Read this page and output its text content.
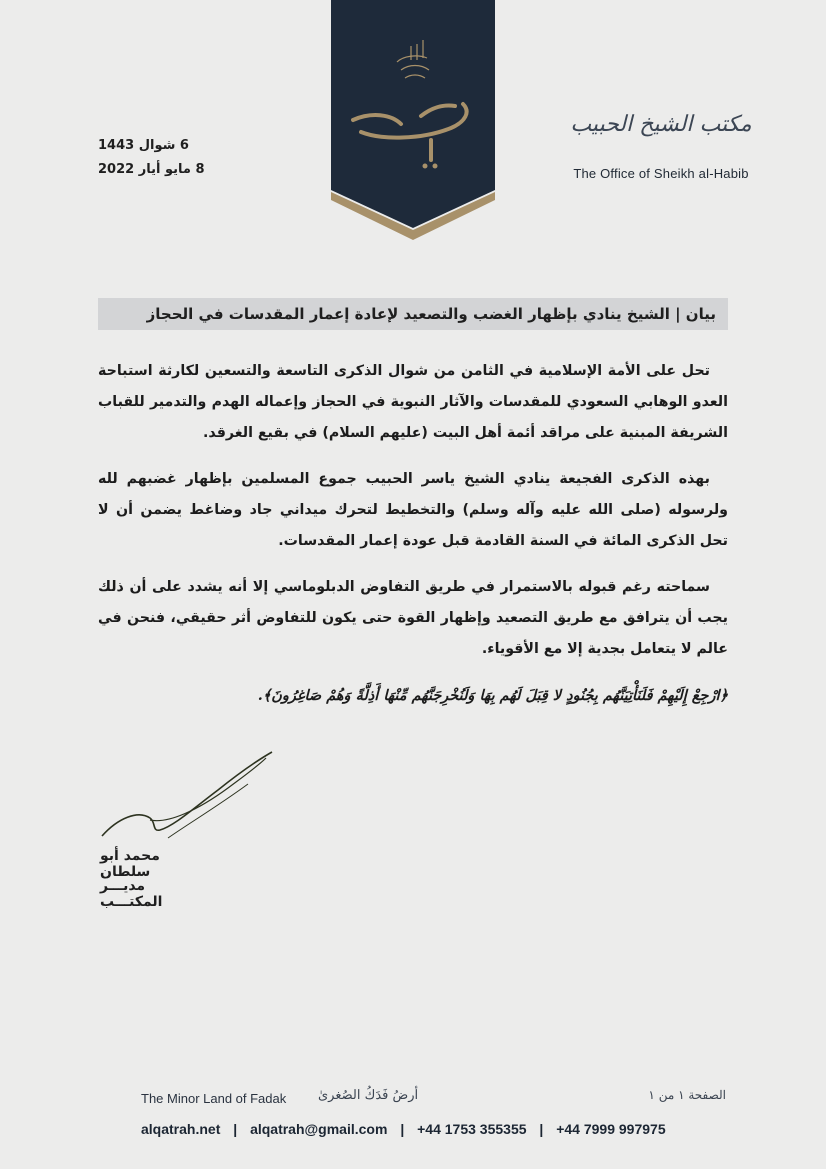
6 شوال 1443
8 مايو أيار 2022
مكتب الشيخ الحبيب
The Office of Sheikh al-Habib
بيان | الشيخ ينادي بإظهار الغضب والتصعيد لإعادة إعمار المقدسات في الحجاز

تحل على الأمة الإسلامية في الثامن من شوال الذكرى التاسعة والتسعين لكارثة استباحة العدو الوهابي السعودي للمقدسات والآثار النبوية في الحجاز وإعماله الهدم والتدمير للقباب الشريفة المبنية على مراقد أئمة أهل البيت (عليهم السلام) في بقيع الغرقد.

بهذه الذكرى الفجيعة ينادي الشيخ ياسر الحبيب جموع المسلمين بإظهار غضبهم لله ولرسوله (صلى الله عليه وآله وسلم) والتخطيط لتحرك ميداني جاد وضاغط يضمن أن لا تحل الذكرى المائة في السنة القادمة قبل عودة إعمار المقدسات.

سماحته رغم قبوله بالاستمرار في طريق التفاوض الدبلوماسي إلا أنه يشدد على أن ذلك يجب أن يترافق مع طريق التصعيد وإظهار القوة حتى يكون للتفاوض أثر حقيقي، فنحن في عالم لا يتعامل بجدية إلا مع الأقوياء.

﴿ارْجِعْ إِلَيْهِمْ فَلَنَأْتِيَنَّهُم بِجُنُودٍ لا قِبَلَ لَهُم بِهَا وَلَنُخْرِجَنَّهُم مِّنْهَا أَذِلَّةً وَهُمْ صَاغِرُونَ﴾.

محمد أبو سلطان
مديـــر المكتـــب
The Minor Land of Fadak أرضُ فَدَكُ الصُغرىٰ	الصفحة ١ من ١
alqatrah.net | alqatrah@gmail.com | +44 1753 355355 | +44 7999 997975
